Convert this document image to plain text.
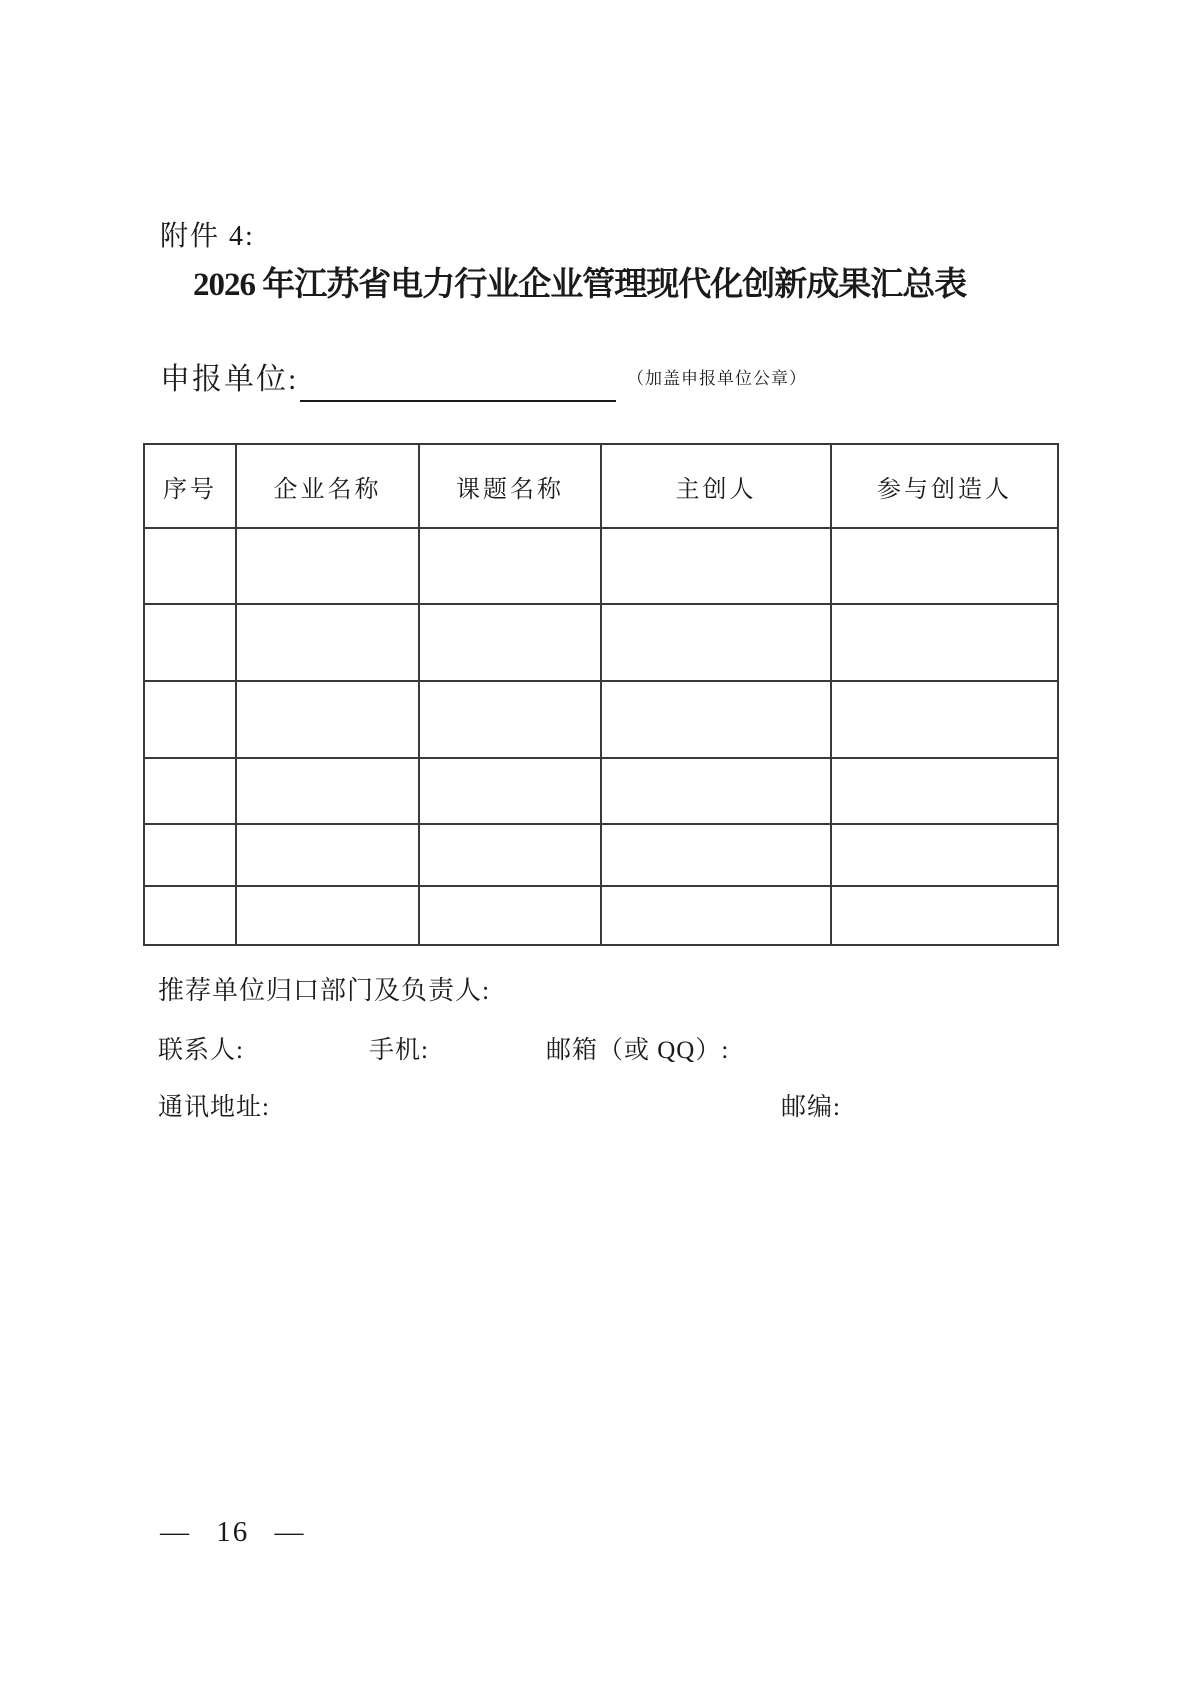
附件 4:
2026 年江苏省电力行业企业管理现代化创新成果汇总表
申报单位:	（加盖申报单位公章）
序号	企业名称	课题名称	主创人	参与创造人

推荐单位归口部门及负责人:
联系人:	手机:	邮箱（或 QQ）:
通讯地址:	邮编:
— 16 —
